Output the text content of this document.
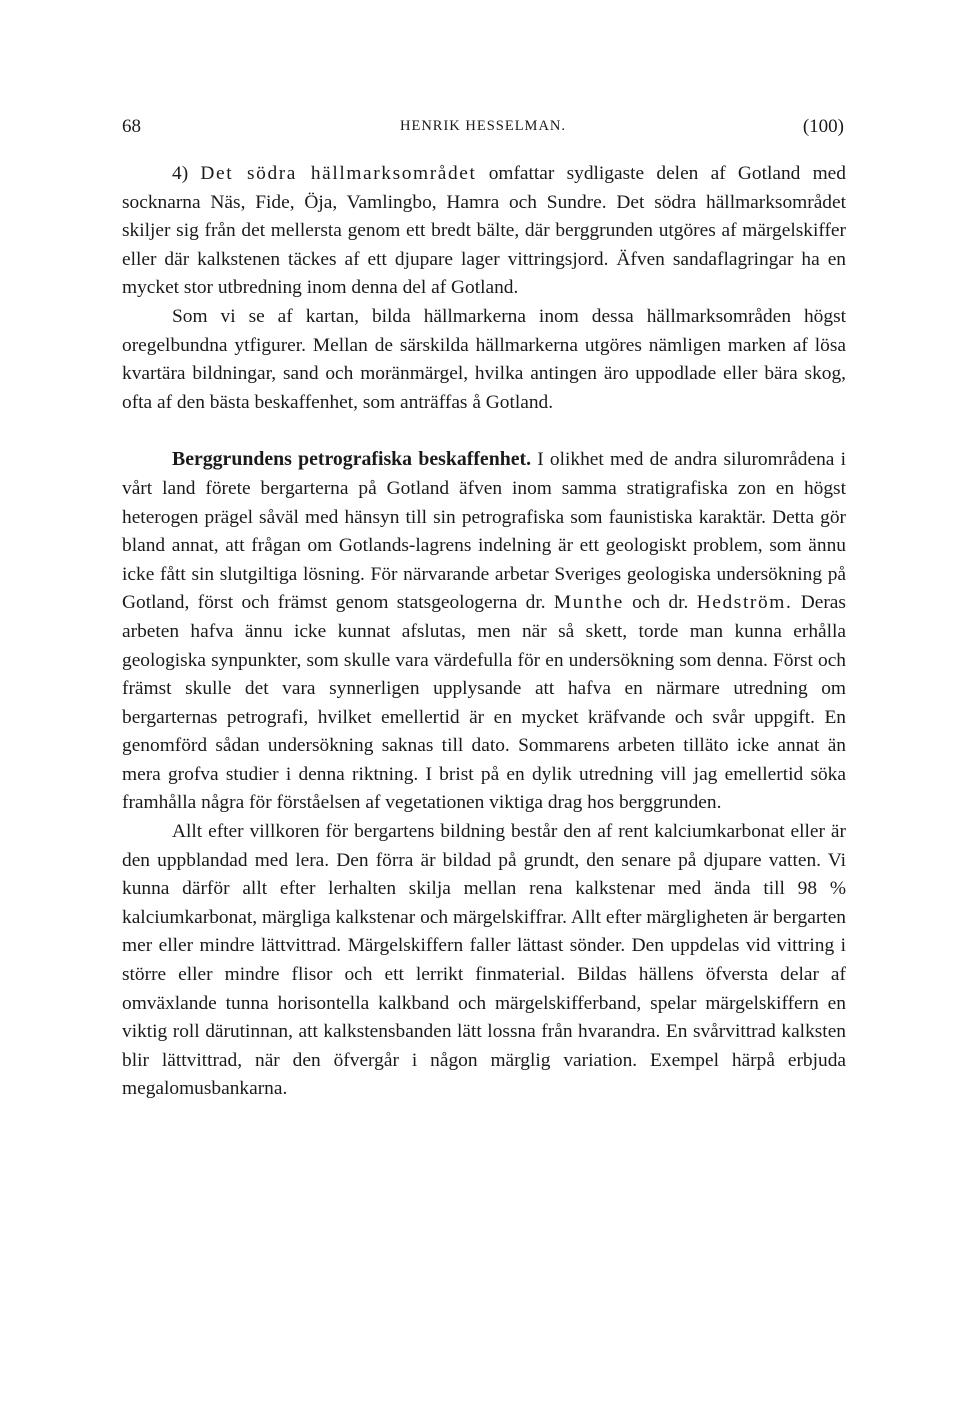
68	HENRIK HESSELMAN.	(100)

4) Det södra hällmarksområdet omfattar sydligaste delen af Gotland med socknarna Näs, Fide, Öja, Vamlingbo, Hamra och Sundre. Det södra hällmarksområdet skiljer sig från det mellersta genom ett bredt bälte, där berggrunden utgöres af märgelskiffer eller där kalkstenen täckes af ett djupare lager vittringsjord. Äfven sandaflagringar ha en mycket stor utbredning inom denna del af Gotland.

Som vi se af kartan, bilda hällmarkerna inom dessa hällmarksområden högst oregelbundna ytfigurer. Mellan de särskilda hällmarkerna utgöres nämligen marken af lösa kvartära bildningar, sand och moränmärgel, hvilka antingen äro uppodlade eller bära skog, ofta af den bästa beskaffenhet, som anträffas å Gotland.

Berggrundens petrografiska beskaffenhet. I olikhet med de andra silurområdena i vårt land förete bergarterna på Gotland äfven inom samma stratigrafiska zon en högst heterogen prägel såväl med hänsyn till sin petrografiska som faunistiska karaktär. Detta gör bland annat, att frågan om Gotlands-lagrens indelning är ett geologiskt problem, som ännu icke fått sin slutgiltiga lösning. För närvarande arbetar Sveriges geologiska undersökning på Gotland, först och främst genom statsgeologerna dr. Munthe och dr. Hedström. Deras arbeten hafva ännu icke kunnat afslutas, men när så skett, torde man kunna erhålla geologiska synpunkter, som skulle vara värdefulla för en undersökning som denna. Först och främst skulle det vara synnerligen upplysande att hafva en närmare utredning om bergarternas petrografi, hvilket emellertid är en mycket kräfvande och svår uppgift. En genomförd sådan undersökning saknas till dato. Sommarens arbeten tilläto icke annat än mera grofva studier i denna riktning. I brist på en dylik utredning vill jag emellertid söka framhålla några för förståelsen af vegetationen viktiga drag hos berggrunden.

Allt efter villkoren för bergartens bildning består den af rent kalciumkarbonat eller är den uppblandad med lera. Den förra är bildad på grundt, den senare på djupare vatten. Vi kunna därför allt efter lerhalten skilja mellan rena kalkstenar med ända till 98 % kalciumkarbonat, märgliga kalkstenar och märgelskiffrar. Allt efter märgligheten är bergarten mer eller mindre lättvittrad. Märgelskiffern faller lättast sönder. Den uppdelas vid vittring i större eller mindre flisor och ett lerrikt finmaterial. Bildas hällens öfversta delar af omväxlande tunna horisontella kalkband och märgelskifferband, spelar märgelskiffern en viktig roll därutinnan, att kalkstensbanden lätt lossna från hvarandra. En svårvittrad kalksten blir lättvittrad, när den öfvergår i någon märglig variation. Exempel härpå erbjuda megalomusbankarna.
